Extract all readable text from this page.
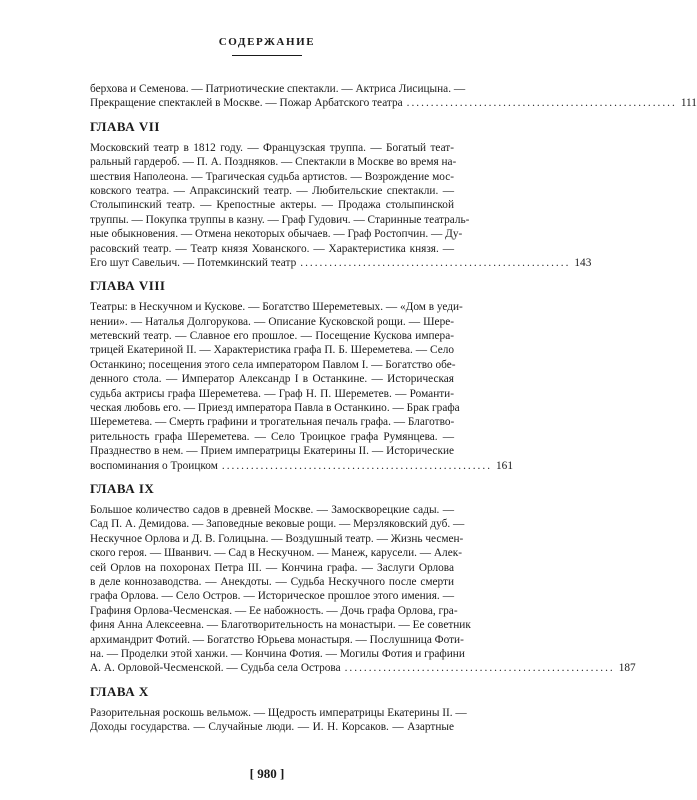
СОДЕРЖАНИЕ
берхова и Семенова. — Патриотические спектакли. — Актриса Лисицына. —
Прекращение спектаклей в Москве. — Пожар Арбатского театра ........................................................ 111
ГЛАВА VII
Московский театр в 1812 году. — Французская труппа. — Богатый теат-
ральный гардероб. — П. А. Поздняков. — Спектакли в Москве во время на-
шествия Наполеона. — Трагическая судьба артистов. — Возрождение мос-
ковского театра. — Апраксинский театр. — Любительские спектакли. —
Столыпинский театр. — Крепостные актеры. — Продажа столыпинской
труппы. — Покупка труппы в казну. — Граф Гудович. — Старинные театраль-
ные обыкновения. — Отмена некоторых обычаев. — Граф Ростопчин. — Ду-
расовский театр. — Театр князя Хованского. — Характеристика князя. —
Его шут Савельич. — Потемкинский театр ........................................................ 143
ГЛАВА VIII
Театры: в Нескучном и Кускове. — Богатство Шереметевых. — «Дом в уеди-
нении». — Наталья Долгорукова. — Описание Кусковской рощи. — Шере-
метевский театр. — Славное его прошлое. — Посещение Кускова импера-
трицей Екатериной II. — Характеристика графа П. Б. Шереметева. — Село
Останкино; посещения этого села императором Павлом I. — Богатство обе-
денного стола. — Император Александр I в Останкине. — Историческая
судьба актрисы графа Шереметева. — Граф Н. П. Шереметев. — Романти-
ческая любовь его. — Приезд императора Павла в Останкино. — Брак графа
Шереметева. — Смерть графини и трогательная печаль графа. — Благотво-
рительность графа Шереметева. — Село Троицкое графа Румянцева. —
Празднество в нем. — Прием императрицы Екатерины II. — Исторические
воспоминания о Троицком ........................................................ 161
ГЛАВА IX
Большое количество садов в древней Москве. — Замоскворецкие сады. —
Сад П. А. Демидова. — Заповедные вековые рощи. — Мерзляковский дуб. —
Нескучное Орлова и Д. В. Голицына. — Воздушный театр. — Жизнь чесмен-
ского героя. — Шванвич. — Сад в Нескучном. — Манеж, карусели. — Алек-
сей Орлов на похоронах Петра III. — Кончина графа. — Заслуги Орлова
в деле коннозаводства. — Анекдоты. — Судьба Нескучного после смерти
графа Орлова. — Село Остров. — Историческое прошлое этого имения. —
Графиня Орлова-Чесменская. — Ее набожность. — Дочь графа Орлова, гра-
финя Анна Алексеевна. — Благотворительность на монастыри. — Ее советник
архимандрит Фотий. — Богатство Юрьева монастыря. — Послушница Фоти-
на. — Проделки этой ханжи. — Кончина Фотия. — Могилы Фотия и графини
А. А. Орловой-Чесменской. — Судьба села Острова ........................................................ 187
ГЛАВА X
Разорительная роскошь вельмож. — Щедрость императрицы Екатерины II. —
Доходы государства. — Случайные люди. — И. Н. Корсаков. — Азартные
[ 980 ]
